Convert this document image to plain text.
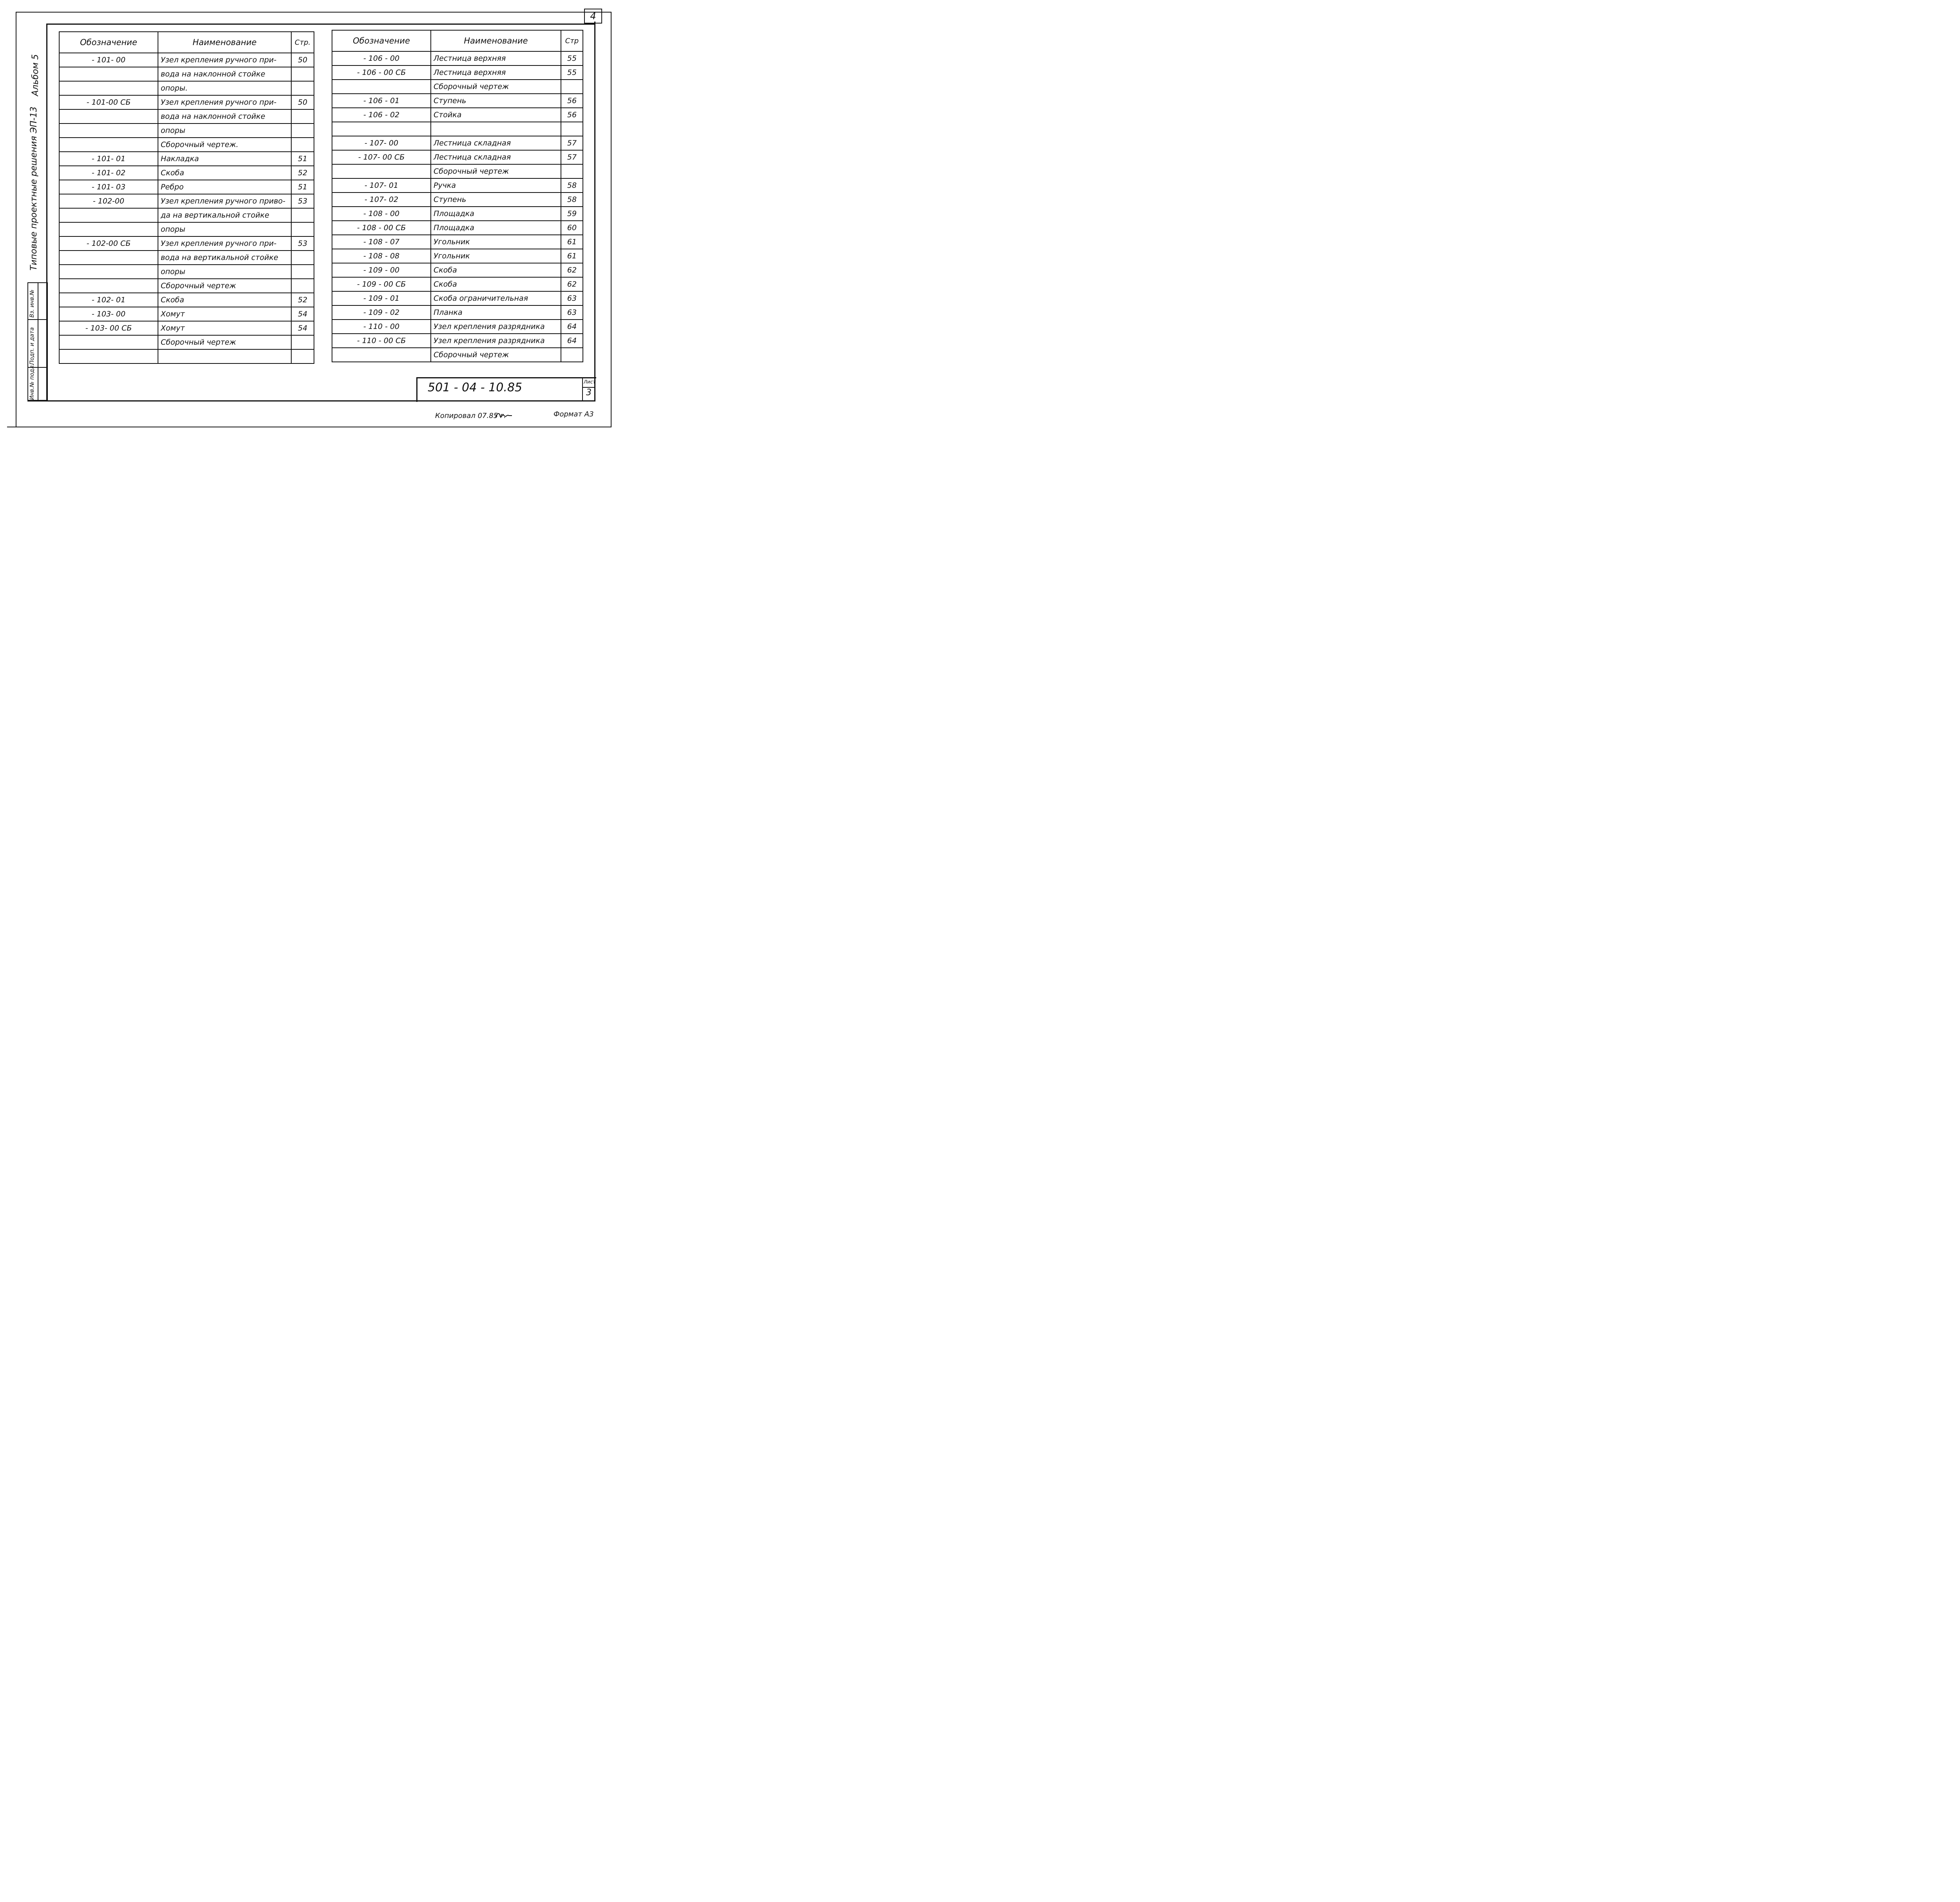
4
Альбом 5
Типовые проектные решения ЭП-13
Инв.№ подл.
Подп. и дата
Вз. инв.№
Обозначение	Наименование	Стр.
- 101- 00	Узел крепления ручного при-	50
	вода на наклонной стойке	
	опоры.	
- 101-00 СБ	Узел крепления ручного при-	50
	вода на наклонной стойке	
	опоры	
	Сборочный чертеж.	
- 101- 01	Накладка	51
- 101- 02	Скоба	52
- 101- 03	Ребро	51
- 102-00	Узел крепления ручного приво-	53
	да на вертикальной стойке	
	опоры	
- 102-00 СБ	Узел крепления ручного при-	53
	вода на вертикальной стойке	
	опоры	
	Сборочный чертеж	
- 102- 01	Скоба	52
- 103- 00	Хомут	54
- 103- 00 СБ	Хомут	54
	Сборочный чертеж	

Обозначение	Наименование	Стр
- 106 - 00	Лестница верхняя	55
- 106 - 00 СБ	Лестница верхняя	55
	Сборочный чертеж	
- 106 - 01	Ступень	56
- 106 - 02	Стойка	56

- 107- 00	Лестница складная	57
- 107- 00 СБ	Лестница складная	57
	Сборочный чертеж	
- 107- 01	Ручка	58
- 107- 02	Ступень	58
- 108 - 00	Площадка	59
- 108 - 00 СБ	Площадка	60
- 108 - 07	Угольник	61
- 108 - 08	Угольник	61
- 109 - 00	Скоба	62
- 109 - 00 СБ	Скоба	62
- 109 - 01	Скоба ограничительная	63
- 109 - 02	Планка	63
- 110 - 00	Узел крепления разрядника	64
- 110 - 00 СБ	Узел крепления разрядника	64
	Сборочный чертеж	
501 - 04 - 10.85	Лист
3
Копировал 07.85 г.	Формат А3
